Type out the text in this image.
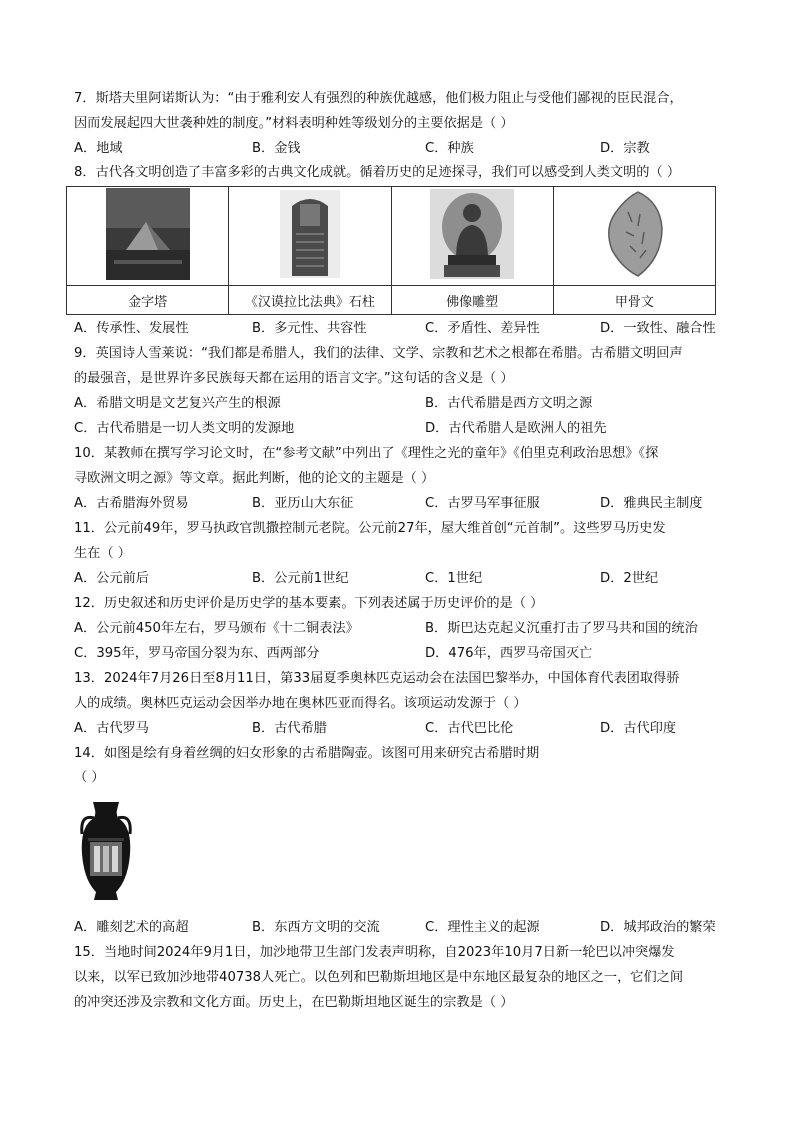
7．斯塔夫里阿诺斯认为：“由于雅利安人有强烈的种族优越感，他们极力阻止与受他们鄙视的臣民混合，
因而发展起四大世袭种姓的制度。”材料表明种姓等级划分的主要依据是（ ）
A．地域	B．金钱	C．种族	D．宗教
8．古代各文明创造了丰富多彩的古典文化成就。循着历史的足迹探寻，我们可以感受到人类文明的（ ）

金字塔	《汉谟拉比法典》石柱	佛像雕塑	甲骨文
A．传承性、发展性	B．多元性、共容性	C．矛盾性、差异性	D．一致性、融合性
9．英国诗人雪莱说：“我们都是希腊人，我们的法律、文学、宗教和艺术之根都在希腊。古希腊文明回声
的最强音，是世界许多民族每天都在运用的语言文字。”这句话的含义是（ ）
A．希腊文明是文艺复兴产生的根源	B．古代希腊是西方文明之源
C．古代希腊是一切人类文明的发源地	D．古代希腊人是欧洲人的祖先
10．某教师在撰写学习论文时，在“参考文献”中列出了《理性之光的童年》《伯里克利政治思想》《探
寻欧洲文明之源》等文章。据此判断，他的论文的主题是（ ）
A．古希腊海外贸易	B．亚历山大东征	C．古罗马军事征服	D．雅典民主制度
11．公元前49年，罗马执政官凯撒控制元老院。公元前27年，屋大维首创“元首制”。这些罗马历史发
生在（ ）
A．公元前后	B．公元前1世纪	C．1世纪	D．2世纪
12．历史叙述和历史评价是历史学的基本要素。下列表述属于历史评价的是（ ）
A．公元前450年左右，罗马颁布《十二铜表法》	B．斯巴达克起义沉重打击了罗马共和国的统治
C．395年，罗马帝国分裂为东、西两部分	D．476年，西罗马帝国灭亡
13．2024年7月26日至8月11日，第33届夏季奥林匹克运动会在法国巴黎举办，中国体育代表团取得骄
人的成绩。奥林匹克运动会因举办地在奥林匹亚而得名。该项运动发源于（ ）
A．古代罗马	B．古代希腊	C．古代巴比伦	D．古代印度
14．如图是绘有身着丝绸的妇女形象的古希腊陶壶。该图可用来研究古希腊时期
（ ）
A．雕刻艺术的高超	B．东西方文明的交流	C．理性主义的起源	D．城邦政治的繁荣
15．当地时间2024年9月1日，加沙地带卫生部门发表声明称，自2023年10月7日新一轮巴以冲突爆发
以来，以军已致加沙地带40738人死亡。以色列和巴勒斯坦地区是中东地区最复杂的地区之一，它们之间
的冲突还涉及宗教和文化方面。历史上，在巴勒斯坦地区诞生的宗教是（ ）
